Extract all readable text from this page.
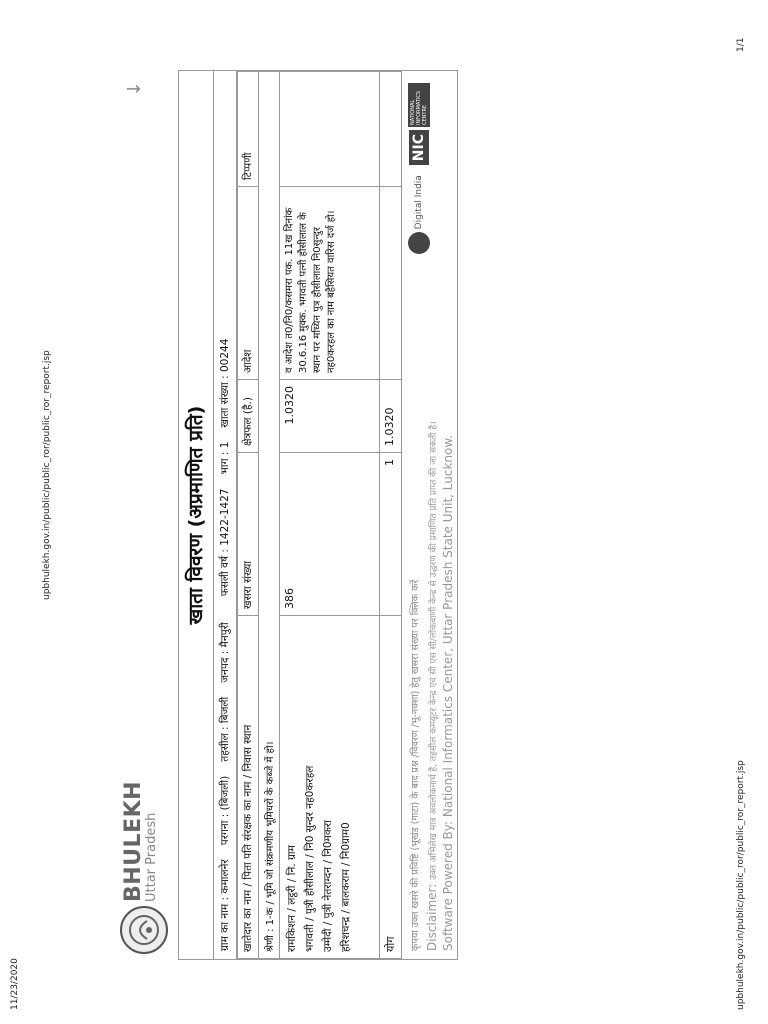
11/23/2020
upbhulekh.gov.in/public/public_ror/public_ror_report.jsp
upbhulekh.gov.in/public/public_ror/public_ror_report.jsp
1/1
BHULEKH
Uttar Pradesh
↓
खाता विवरण (अप्रमाणित प्रति)
ग्राम का नाम : कमालनेर
परगना : (बिजली)
तहसील : बिजली
जनपद : मैनपुरी
फसली वर्ष : 1422-1427
भाग : 1
खाता संख्या : 00244
खातेदार का नाम / पिता पति संरक्षक का नाम / निवास स्थान	खसरा संख्या	क्षेत्रफल (है.)	आदेश	टिप्पणी
श्रेणी : 1-क / भूमि जो संक्रमणीय भूमिधरों के कब्जे में हो।				

रामकिशन / लट्ठरी / नि. ग्राम भगवती / पुत्री हौसीलाल / नि0 सुन्दर नह0करहल उम्मेदी / पुत्री नेतराम्दन / नि0मकरा हरिशचन्द्र / बालकराम / नि0ग्राम0	386	1.0320	व आदेश त0/नि0/कसमरा पक. 11ख दिनांक 30.6.16 मुक्क. भगवती पत्नी हौसीलाल के स्थान पर मध्यिन पुत्र हौसीलाल नि0सुन्दुर नह0करहल का नाम बहैसियत वारिस दर्ज हो।	
योग	1	1.0320		
कृपया उक्त खसरे की प्रविष्टि (भूखंड (गाटा) के बाद प्रश्न /विवरण /भू-नक्शा) हेतु खसरा संख्या पर क्लिक करें Disclaimer: उक्त अभिलेख मात्र अवलोकनार्थ है, तहसील कम्प्यूटर केन्द्र एवं सी एस सी/लोकवाणी केन्द्र से उद्धरण की प्रमाणित प्रति प्राप्त की जा सकती है। Software Powered By: National Informatics Center, Uttar Pradesh State Unit, Lucknow.
Digital India
NIC
NATIONAL INFORMATICS CENTRE
